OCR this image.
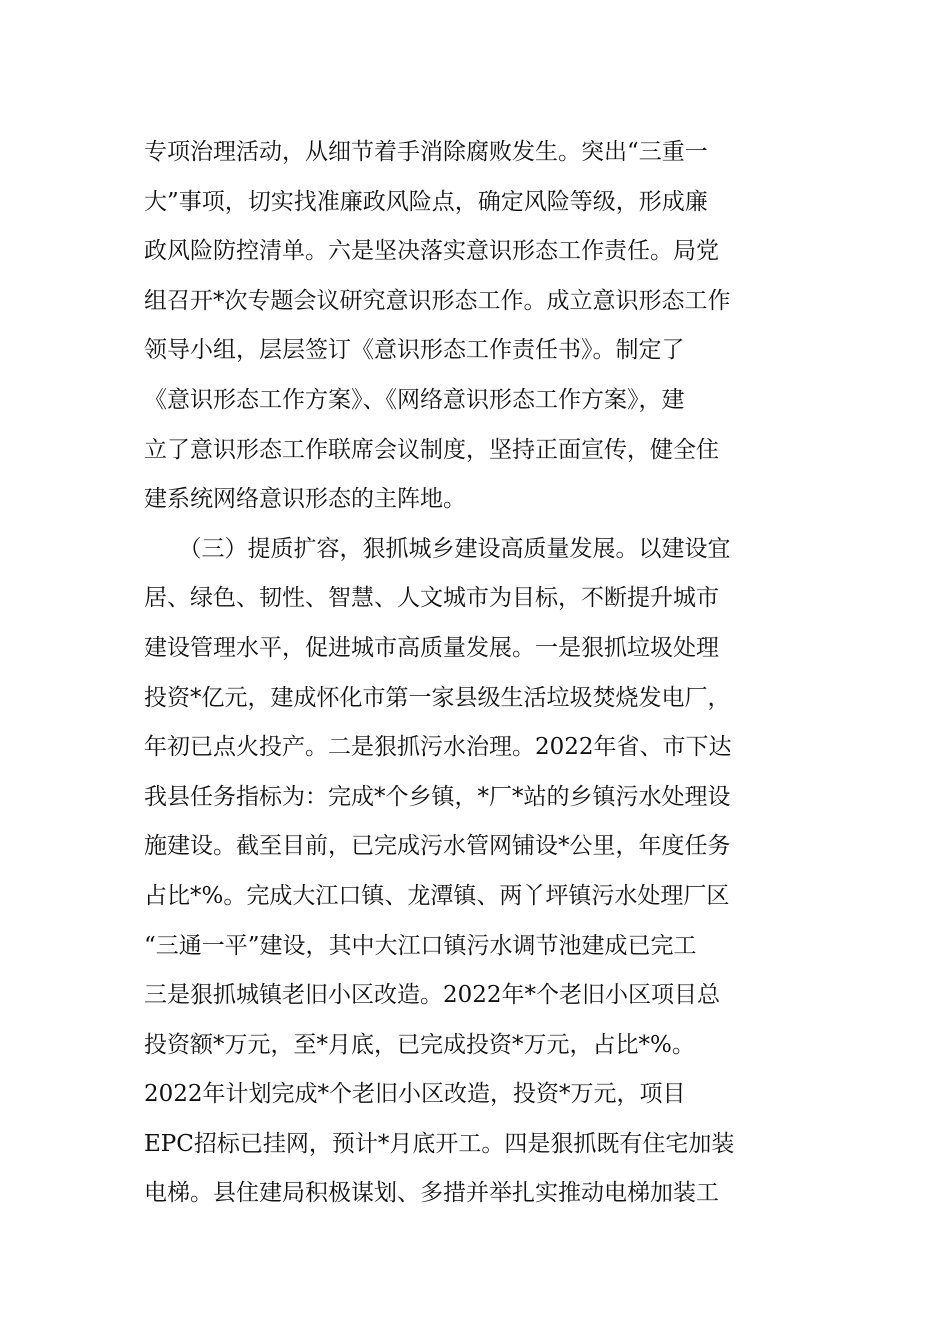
专项治理活动，从细节着手消除腐败发生。突出“三重一
大”事项，切实找准廉政风险点，确定风险等级，形成廉
政风险防控清单。六是坚决落实意识形态工作责任。局党
组召开*次专题会议研究意识形态工作。成立意识形态工作
领导小组，层层签订《意识形态工作责任书》。制定了
《意识形态工作方案》、《网络意识形态工作方案》，建
立了意识形态工作联席会议制度，坚持正面宣传，健全住
建系统网络意识形态的主阵地。
　　（三）提质扩容，狠抓城乡建设高质量发展。以建设宜
居、绿色、韧性、智慧、人文城市为目标，不断提升城市
建设管理水平，促进城市高质量发展。一是狠抓垃圾处理
投资*亿元，建成怀化市第一家县级生活垃圾焚烧发电厂，
年初已点火投产。二是狠抓污水治理。2022年省、市下达
我县任务指标为：完成*个乡镇，*厂*站的乡镇污水处理设
施建设。截至目前，已完成污水管网铺设*公里，年度任务
占比*%。完成大江口镇、龙潭镇、两丫坪镇污水处理厂区
“三通一平”建设，其中大江口镇污水调节池建成已完工
三是狠抓城镇老旧小区改造。2022年*个老旧小区项目总
投资额*万元，至*月底，已完成投资*万元，占比*%。
2022年计划完成*个老旧小区改造，投资*万元，项目
EPC招标已挂网，预计*月底开工。四是狠抓既有住宅加装
电梯。县住建局积极谋划、多措并举扎实推动电梯加装工
